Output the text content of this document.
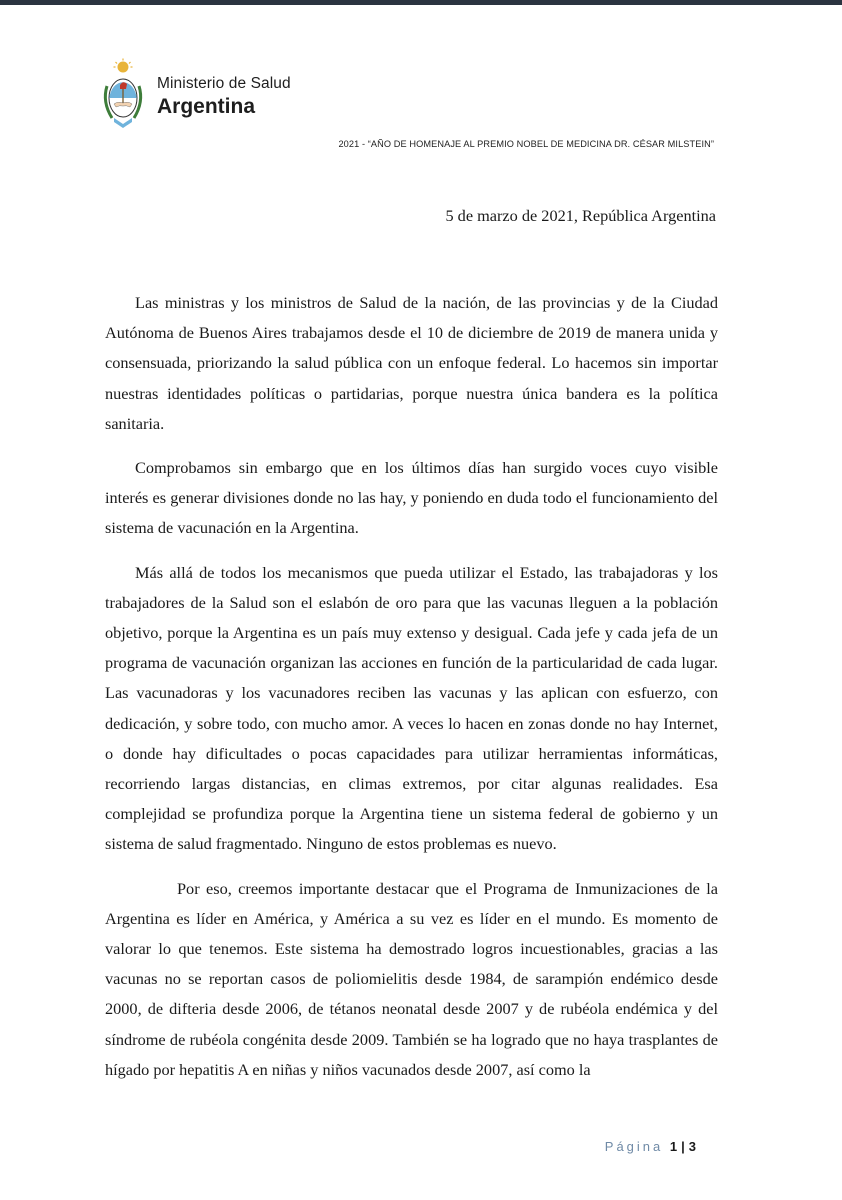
Ministerio de Salud
Argentina
2021 - “AÑO DE HOMENAJE AL PREMIO NOBEL DE MEDICINA DR. CÉSAR MILSTEIN”
5 de marzo de 2021, República Argentina

Las ministras y los ministros de Salud de la nación, de las provincias y de la Ciudad Autónoma de Buenos Aires trabajamos desde el 10 de diciembre de 2019 de manera unida y consensuada, priorizando la salud pública con un enfoque federal. Lo hacemos sin importar nuestras identidades políticas o partidarias, porque nuestra única bandera es la política sanitaria.

Comprobamos sin embargo que en los últimos días han surgido voces cuyo visible interés es generar divisiones donde no las hay, y poniendo en duda todo el funcionamiento del sistema de vacunación en la Argentina.

Más allá de todos los mecanismos que pueda utilizar el Estado, las trabajadoras y los trabajadores de la Salud son el eslabón de oro para que las vacunas lleguen a la población objetivo, porque la Argentina es un país muy extenso y desigual. Cada jefe y cada jefa de un programa de vacunación organizan las acciones en función de la particularidad de cada lugar. Las vacunadoras y los vacunadores reciben las vacunas y las aplican con esfuerzo, con dedicación, y sobre todo, con mucho amor. A veces lo hacen en zonas donde no hay Internet, o donde hay dificultades o pocas capacidades para utilizar herramientas informáticas, recorriendo largas distancias, en climas extremos, por citar algunas realidades. Esa complejidad se profundiza porque la Argentina tiene un sistema federal de gobierno y un sistema de salud fragmentado. Ninguno de estos problemas es nuevo.

Por eso, creemos importante destacar que el Programa de Inmunizaciones de la Argentina es líder en América, y América a su vez es líder en el mundo. Es momento de valorar lo que tenemos. Este sistema ha demostrado logros incuestionables, gracias a las vacunas no se reportan casos de poliomielitis desde 1984, de sarampión endémico desde 2000, de difteria desde 2006, de tétanos neonatal desde 2007 y de rubéola endémica y del síndrome de rubéola congénita desde 2009. También se ha logrado que no haya trasplantes de hígado por hepatitis A en niñas y niños vacunados desde 2007, así como la

Página 1 | 3
